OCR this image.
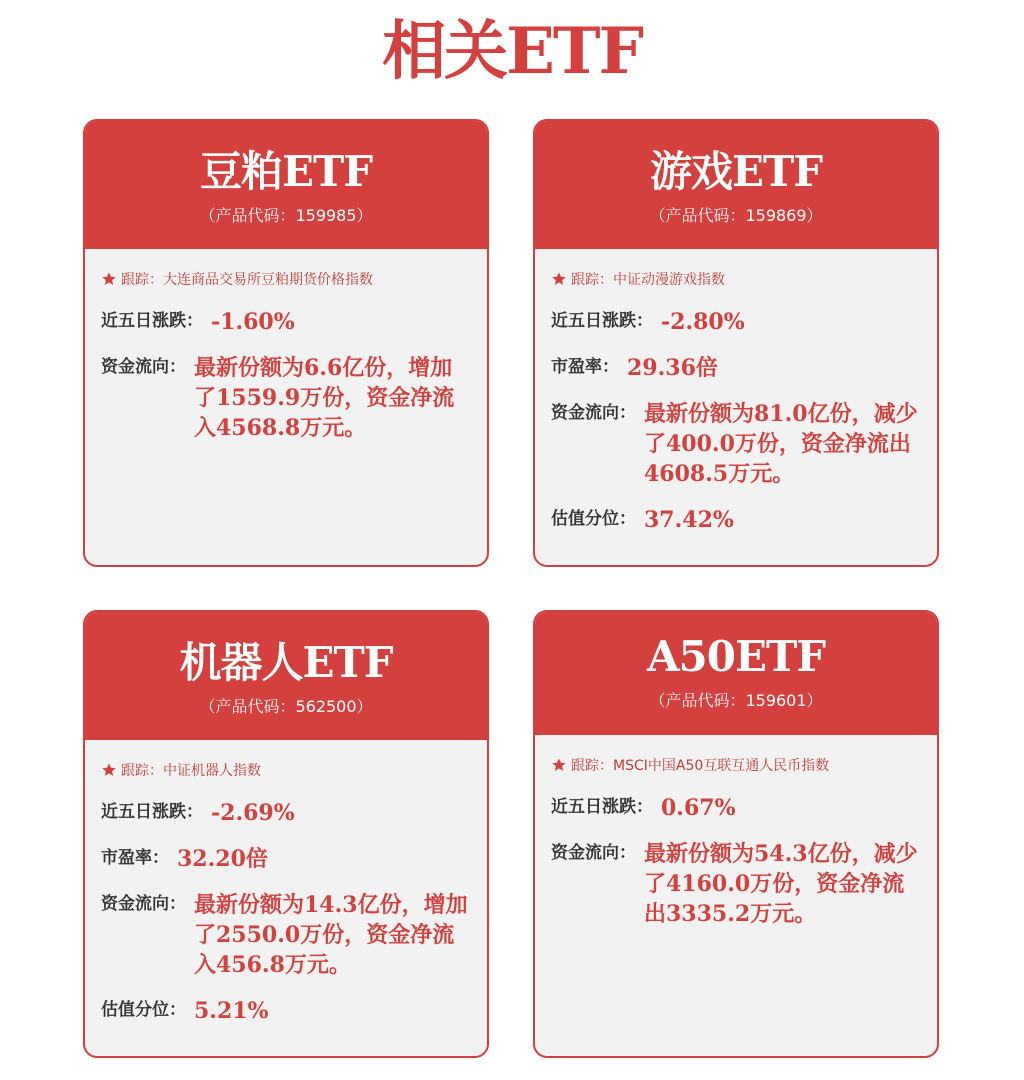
相关ETF
豆粕ETF
（产品代码：159985）
跟踪： 大连商品交易所豆粕期货价格指数
近五日涨跌： -1.60%
资金流向： 最新份额为6.6亿份，增加了1559.9万份，资金净流入4568.8万元。
游戏ETF
（产品代码：159869）
跟踪： 中证动漫游戏指数
近五日涨跌： -2.80%
市盈率： 29.36倍
资金流向： 最新份额为81.0亿份，减少了400.0万份，资金净流出4608.5万元。
估值分位： 37.42%
机器人ETF
（产品代码：562500）
跟踪： 中证机器人指数
近五日涨跌： -2.69%
市盈率： 32.20倍
资金流向： 最新份额为14.3亿份，增加了2550.0万份，资金净流入456.8万元。
估值分位： 5.21%
A50ETF
（产品代码：159601）
跟踪： MSCI中国A50互联互通人民币指数
近五日涨跌： 0.67%
资金流向： 最新份额为54.3亿份，减少了4160.0万份，资金净流出3335.2万元。
